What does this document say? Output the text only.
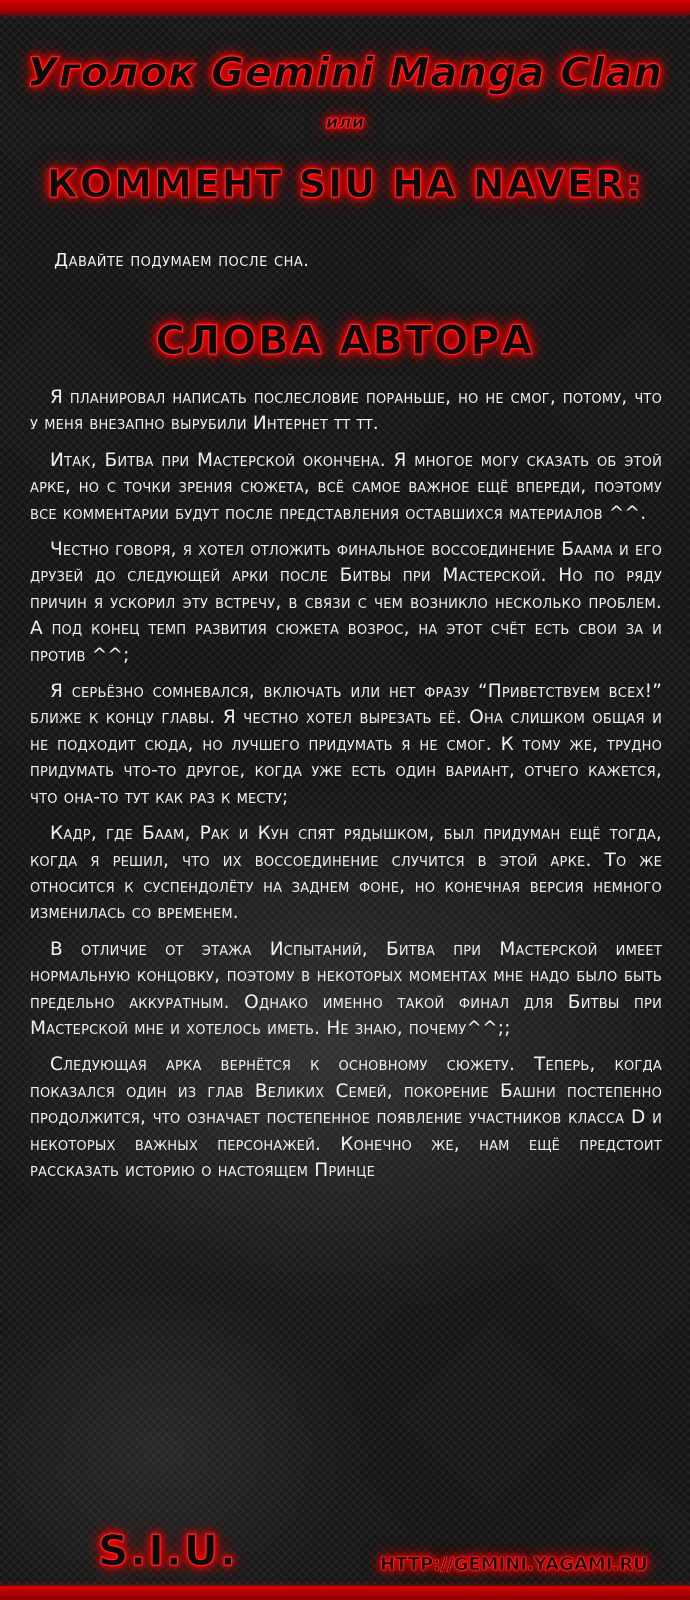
Уголок Gemini Manga Clan
или
КОММЕНТ SIU НА NAVER:
Давайте подумаем после сна.
СЛОВА АВТОРА

Я планировал написать послесловие пораньше, но не смог, потому, что у меня внезапно вырубили Интернет тт тт.

Итак, Битва при Мастерской окончена. Я многое могу сказать об этой арке, но с точки зрения сюжета, всё самое важное ещё впереди, поэтому все комментарии будут после представления оставшихся материалов ^^.

Честно говоря, я хотел отложить финальное воссоединение Баама и его друзей до следующей арки после Битвы при Мастерской. Но по ряду причин я ускорил эту встречу, в связи с чем возникло несколько проблем. А под конец темп развития сюжета возрос, на этот счёт есть свои за и против ^^;

Я серьёзно сомневался, включать или нет фразу “Приветствуем всех!” ближе к концу главы. Я честно хотел вырезать её. Она слишком общая и не подходит сюда, но лучшего придумать я не смог. К тому же, трудно придумать что-то другое, когда уже есть один вариант, отчего кажется, что она-то тут как раз к месту;

Кадр, где Баам, Рак и Кун спят рядышком, был придуман ещё тогда, когда я решил, что их воссоединение случится в этой арке. То же относится к суспендолёту на заднем фоне, но конечная версия немного изменилась со временем.

В отличие от этажа Испытаний, Битва при Мастерской имеет нормальную концовку, поэтому в некоторых моментах мне надо было быть предельно аккуратным. Однако именно такой финал для Битвы при Мастерской мне и хотелось иметь. Не знаю, почему^^;;

Следующая арка вернётся к основному сюжету. Теперь, когда показался один из глав Великих Семей, покорение Башни постепенно продолжится, что означает постепенное появление участников класса D и некоторых важных персонажей. Конечно же, нам ещё предстоит рассказать историю о настоящем Принце

S.I.U.	HTTP://GEMINI.YAGAMI.RU
